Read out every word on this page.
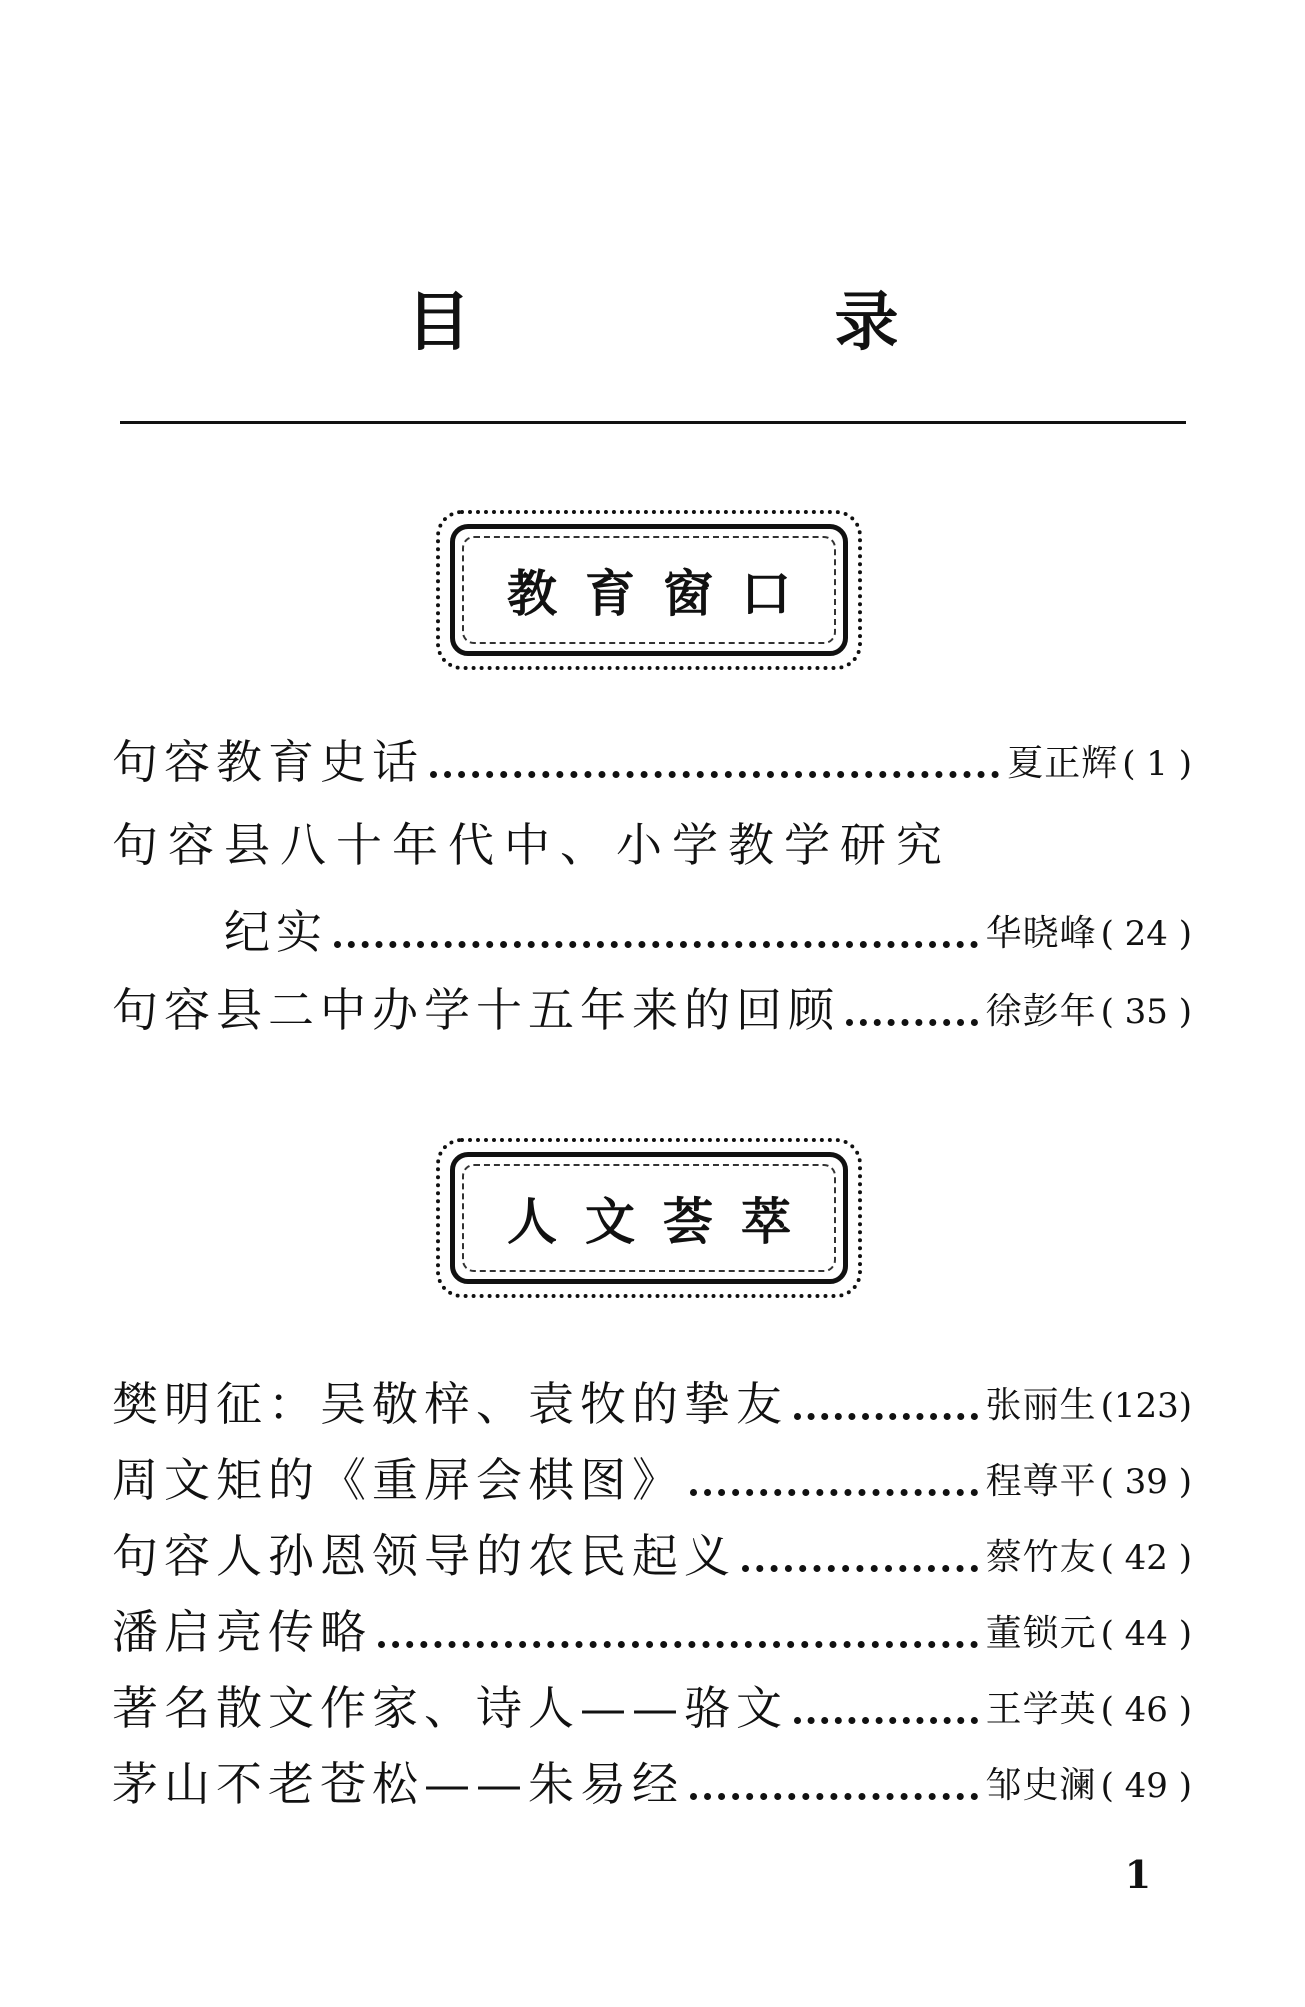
目　录
教育窗口
句容教育史话	夏正辉 ( 1 )
句容县八十年代中、小学教学研究
纪实	华晓峰 ( 24 )
句容县二中办学十五年来的回顾	徐彭年 ( 35 )
人文荟萃
樊明征：吴敬梓、袁牧的挚友	张丽生 (123)
周文矩的《重屏会棋图》	程尊平 ( 39 )
句容人孙恩领导的农民起义	蔡竹友 ( 42 )
潘启亮传略	董锁元 ( 44 )
著名散文作家、诗人——骆文	王学英 ( 46 )
茅山不老苍松——朱易经	邹史澜 ( 49 )
1
